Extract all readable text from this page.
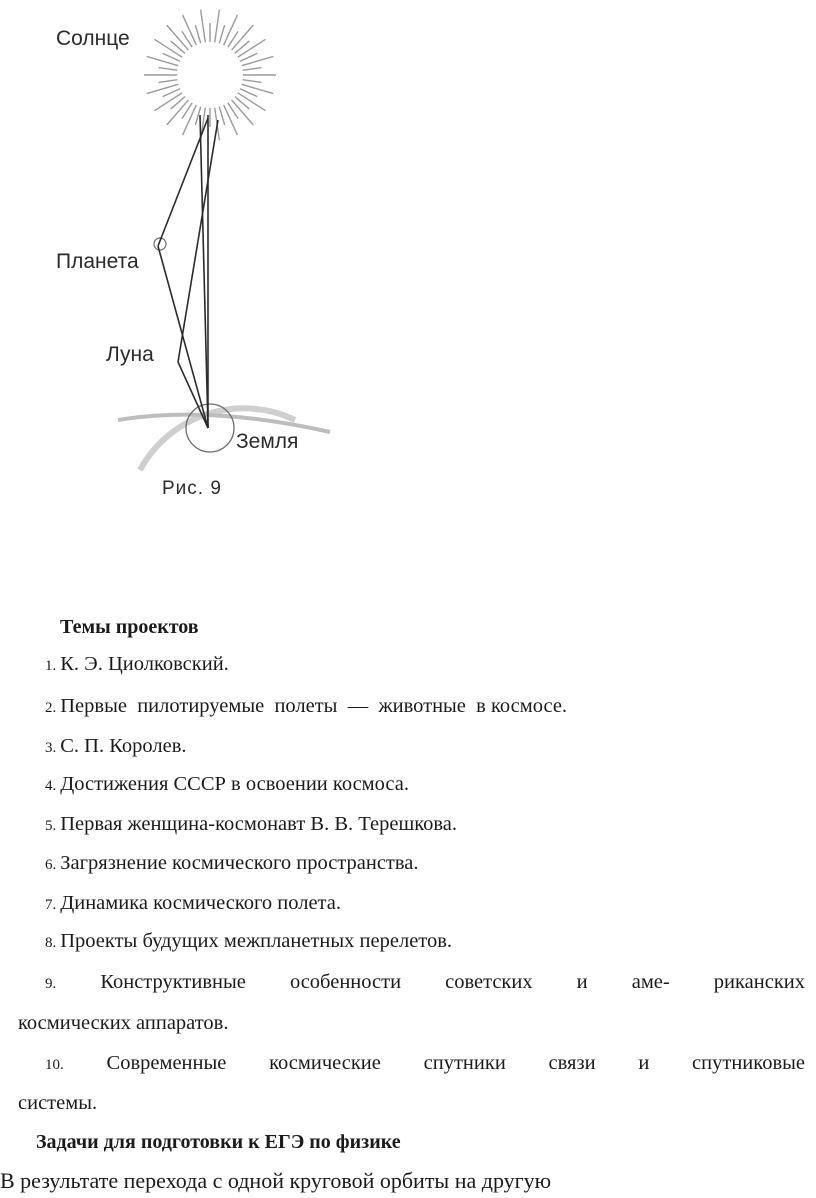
Солнце
Планета
Луна
Земля
Рис. 9
Темы проектов
1. К. Э. Циолковский.
2. Первые  пилотируемые  полеты  —  животные  в космосе.
3. С. П. Королев.
4. Достижения СССР в освоении космоса.
5. Первая женщина-космонавт В. В. Терешкова.
6. Загрязнение космического пространства.
7. Динамика космического полета.
8. Проекты будущих межпланетных перелетов.
9. Конструктивные особенности советских и аме- риканских
космических аппаратов.
10. Современные космические спутники связи и спутниковые
системы.
Задачи для подготовки к ЕГЭ по физике
В результате перехода с одной круговой орбиты на другую
